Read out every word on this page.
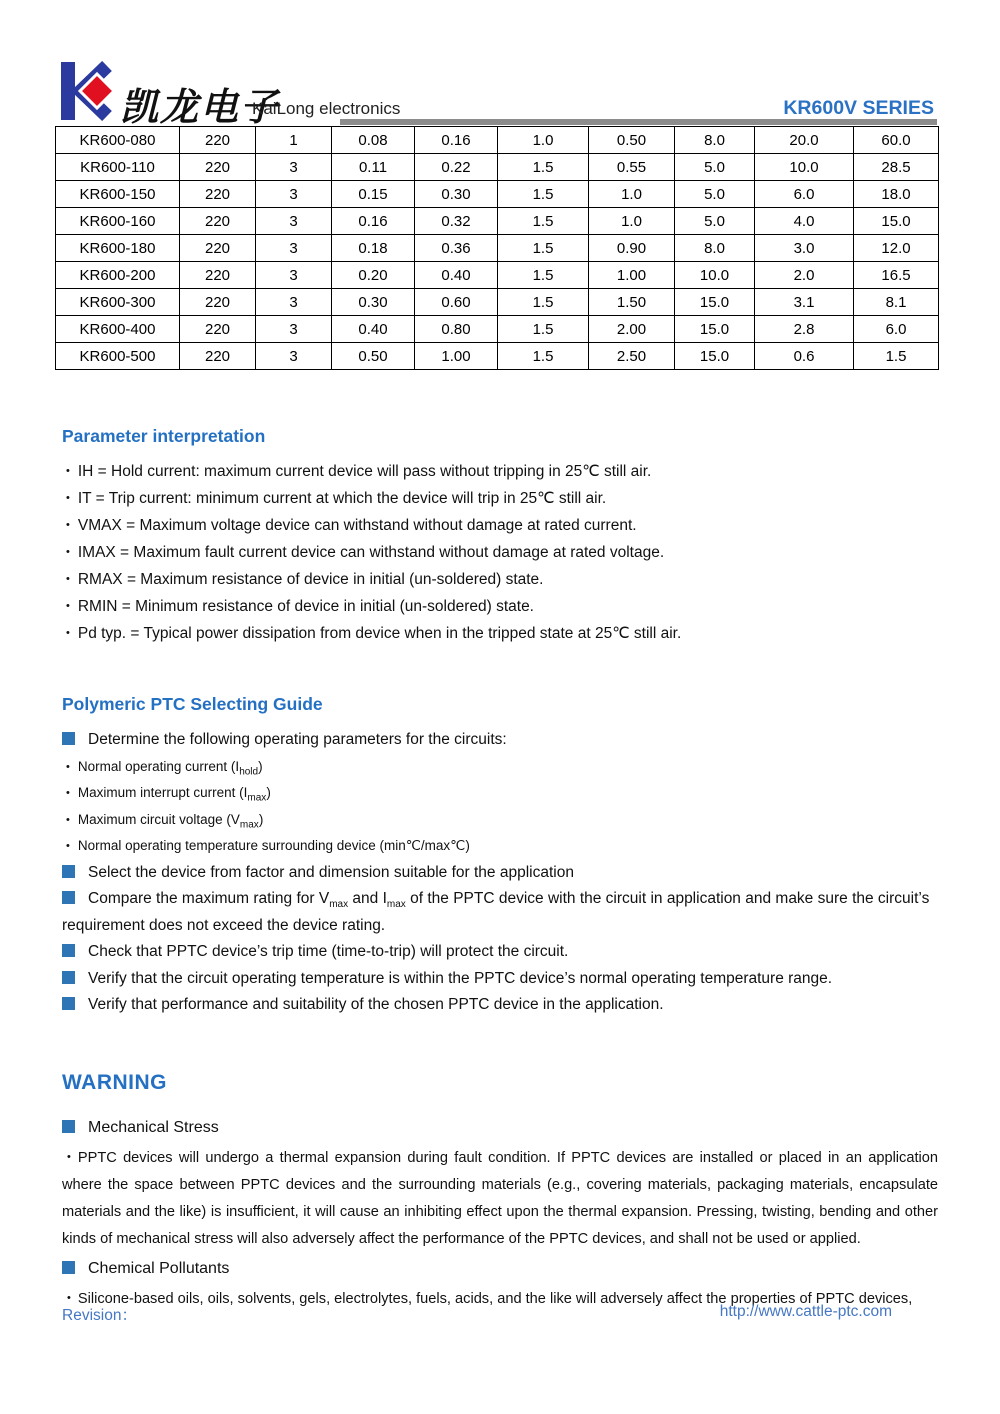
凯龙电子
KaiLong electronics	KR600V SERIES
KR600-080	220	1	0.08	0.16	1.0	0.50	8.0	20.0	60.0
KR600-110	220	3	0.11	0.22	1.5	0.55	5.0	10.0	28.5
KR600-150	220	3	0.15	0.30	1.5	1.0	5.0	6.0	18.0
KR600-160	220	3	0.16	0.32	1.5	1.0	5.0	4.0	15.0
KR600-180	220	3	0.18	0.36	1.5	0.90	8.0	3.0	12.0
KR600-200	220	3	0.20	0.40	1.5	1.00	10.0	2.0	16.5
KR600-300	220	3	0.30	0.60	1.5	1.50	15.0	3.1	8.1
KR600-400	220	3	0.40	0.80	1.5	2.00	15.0	2.8	6.0
KR600-500	220	3	0.50	1.00	1.5	2.50	15.0	0.6	1.5
Parameter interpretation
• IH = Hold current: maximum current device will pass without tripping in 25℃ still air.
• IT = Trip current: minimum current at which the device will trip in 25℃ still air.
• VMAX = Maximum voltage device can withstand without damage at rated current.
• IMAX = Maximum fault current device can withstand without damage at rated voltage.
• RMAX = Maximum resistance of device in initial (un-soldered) state.
• RMIN = Minimum resistance of device in initial (un-soldered) state.
• Pd typ. = Typical power dissipation from device when in the tripped state at 25℃ still air.
Polymeric PTC Selecting Guide
Determine the following operating parameters for the circuits:
• Normal operating current $(I_{hold})$
• Maximum interrupt current $(I_{max})$
• Maximum circuit voltage $(V_{max})$
• Normal operating temperature surrounding device (min℃/max℃)
Select the device from factor and dimension suitable for the application
Compare the maximum rating for $V_{max}$ and $I_{max}$ of the PPTC device with the circuit in application and make sure the circuit’s requirement does not exceed the device rating.
Check that PPTC device’s trip time (time-to-trip) will protect the circuit.
Verify that the circuit operating temperature is within the PPTC device’s normal operating temperature range.
Verify that performance and suitability of the chosen PPTC device in the application.
WARNING
Mechanical Stress

• PPTC devices will undergo a thermal expansion during fault condition. If PPTC devices are installed or placed in an application where the space between PPTC devices and the surrounding materials (e.g., covering materials, packaging materials, encapsulate materials and the like) is insufficient, it will cause an inhibiting effect upon the thermal expansion. Pressing, twisting, bending and other kinds of mechanical stress will also adversely affect the performance of the PPTC devices, and shall not be used or applied.

Chemical Pollutants

• Silicone-based oils, oils, solvents, gels, electrolytes, fuels, acids, and the like will adversely affect the properties of PPTC devices,

Revision：	http://www.cattle-ptc.com
